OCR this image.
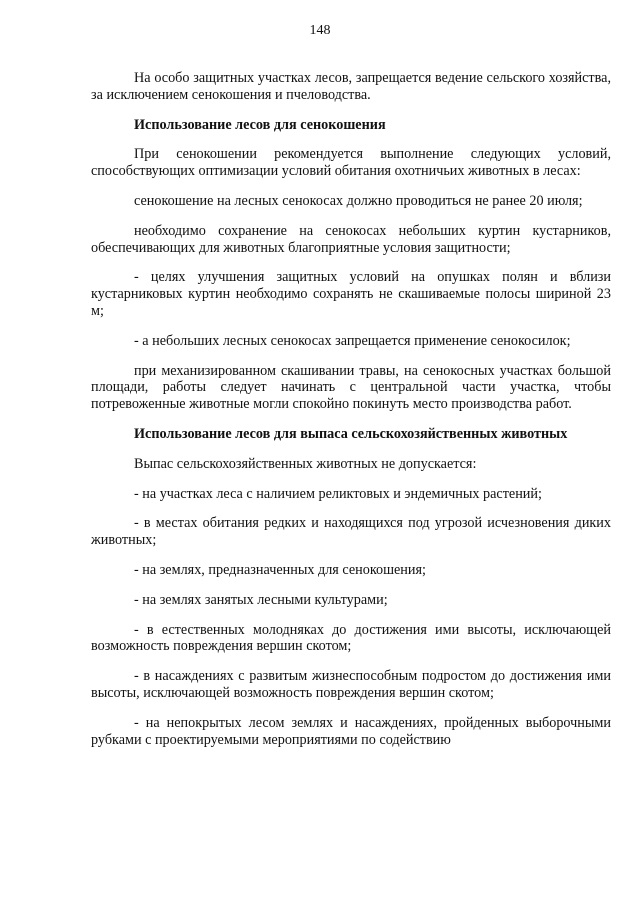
148

На особо защитных участках лесов, запрещается ведение сельского хозяйства, за исключением сенокошения и пчеловодства.

Использование лесов для сенокошения

При сенокошении рекомендуется выполнение следующих условий, способствующих оптимизации условий обитания охотничьих животных в лесах:

сенокошение на лесных сенокосах должно проводиться не ранее 20 июля;

необходимо сохранение на сенокосах небольших куртин кустарников, обеспечивающих для животных благоприятные условия защитности;

- целях улучшения защитных условий на опушках полян и вблизи кустарниковых куртин необходимо сохранять не скашиваемые полосы шириной 23 м;

- а небольших лесных сенокосах запрещается применение сенокосилок;

при механизированном скашивании травы, на сенокосных участках большой площади, работы следует начинать с центральной части участка, чтобы потревоженные животные могли спокойно покинуть место производства работ.

Использование лесов для выпаса сельскохозяйственных животных

Выпас сельскохозяйственных животных не допускается:

- на участках леса с наличием реликтовых и эндемичных растений;

- в местах обитания редких и находящихся под угрозой исчезновения диких животных;

- на землях, предназначенных для сенокошения;

- на землях занятых лесными культурами;

- в естественных молодняках до достижения ими высоты, исключающей возможность повреждения вершин скотом;

- в насаждениях с развитым жизнеспособным подростом до достижения ими высоты, исключающей возможность повреждения вершин скотом;

- на непокрытых лесом землях и насаждениях, пройденных выборочными рубками с проектируемыми мероприятиями по содействию
